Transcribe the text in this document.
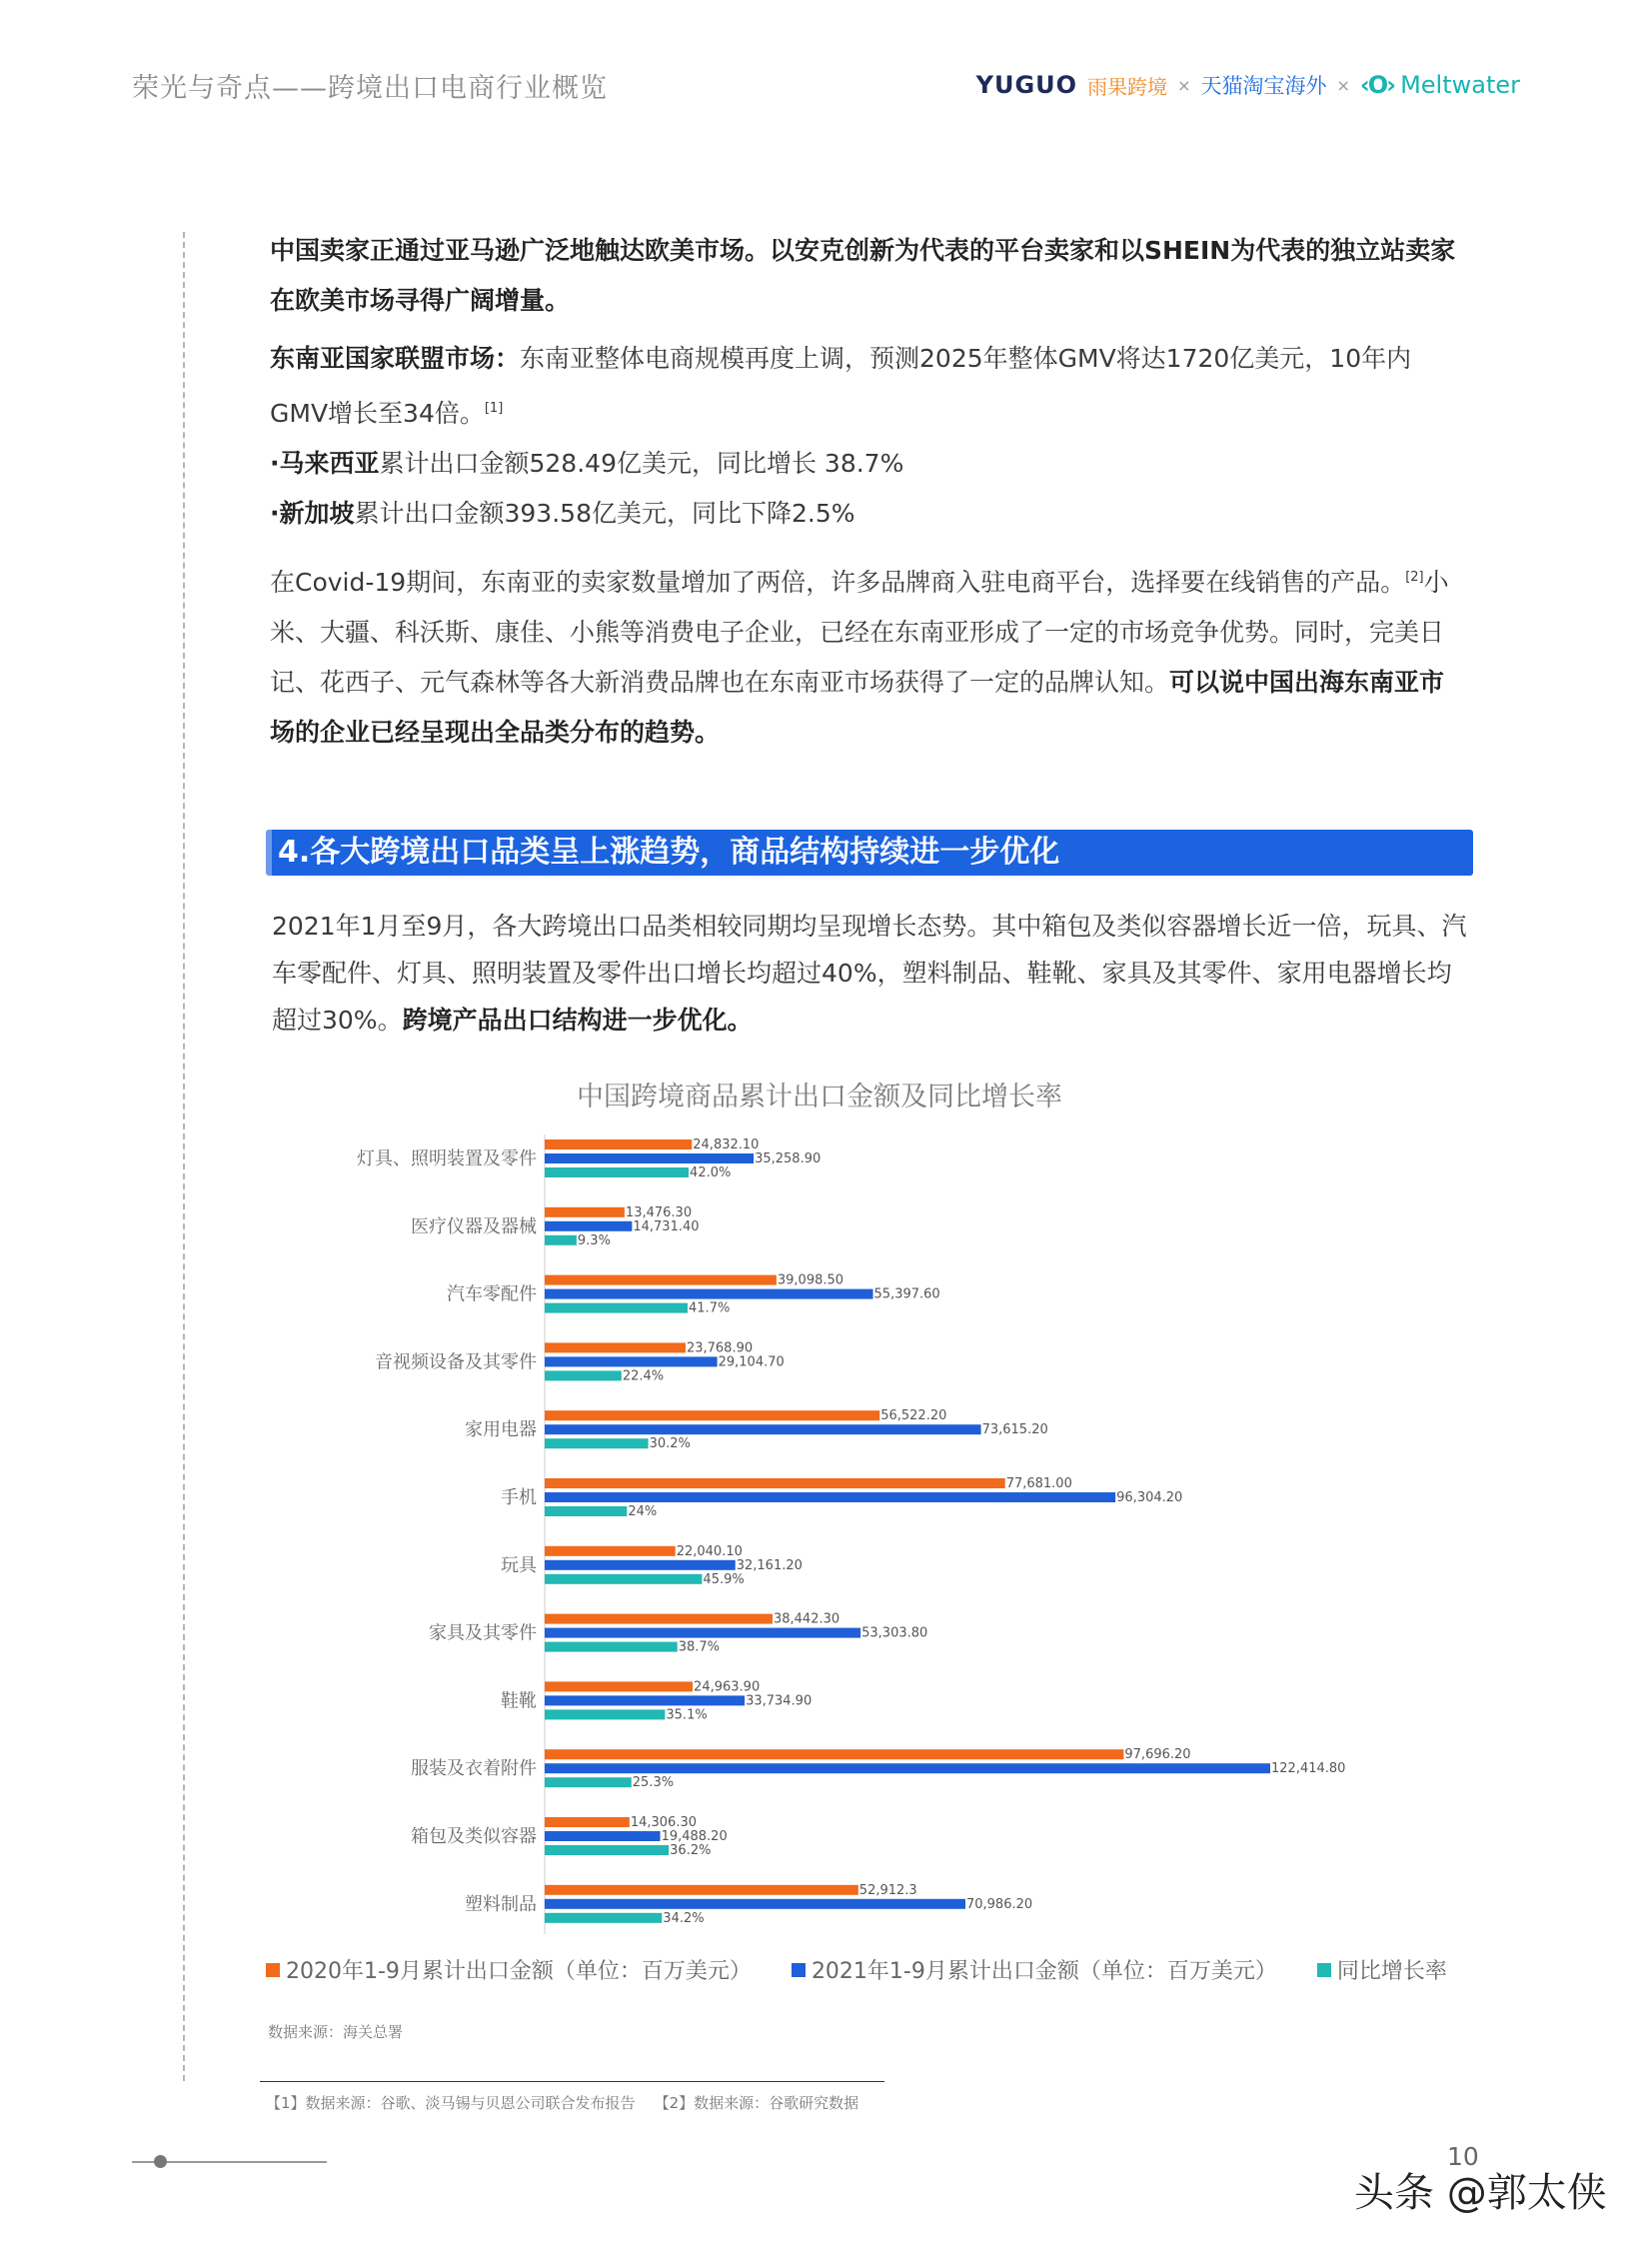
荣光与奇点——跨境出口电商行业概览	YUGUO 雨果跨境 × 天猫淘宝海外 × ‹O› Meltwater

中国卖家正通过亚马逊广泛地触达欧美市场。以安克创新为代表的平台卖家和以SHEIN为代表的独立站卖家在欧美市场寻得广阔增量。

东南亚国家联盟市场：东南亚整体电商规模再度上调，预测2025年整体GMV将达1720亿美元，10年内GMV增长至34倍。[1]

·马来西亚累计出口金额528.49亿美元，同比增长 38.7%

·新加坡累计出口金额393.58亿美元，同比下降2.5%

在Covid-19期间，东南亚的卖家数量增加了两倍，许多品牌商入驻电商平台，选择要在线销售的产品。[2]小米、大疆、科沃斯、康佳、小熊等消费电子企业，已经在东南亚形成了一定的市场竞争优势。同时，完美日记、花西子、元气森林等各大新消费品牌也在东南亚市场获得了一定的品牌认知。可以说中国出海东南亚市场的企业已经呈现出全品类分布的趋势。

4.各大跨境出口品类呈上涨趋势，商品结构持续进一步优化

2021年1月至9月，各大跨境出口品类相较同期均呈现增长态势。其中箱包及类似容器增长近一倍，玩具、汽车零配件、灯具、照明装置及零件出口增长均超过40%，塑料制品、鞋靴、家具及其零件、家用电器增长均超过30%。跨境产品出口结构进一步优化。

中国跨境商品累计出口金额及同比增长率
灯具、照明装置及零件
24,832.10
35,258.90
42.0%
医疗仪器及器械
13,476.30
14,731.40
9.3%
汽车零配件
39,098.50
55,397.60
41.7%
音视频设备及其零件
23,768.90
29,104.70
22.4%
家用电器
56,522.20
73,615.20
30.2%
手机
77,681.00
96,304.20
24%
玩具
22,040.10
32,161.20
45.9%
家具及其零件
38,442.30
53,303.80
38.7%
鞋靴
24,963.90
33,734.90
35.1%
服装及衣着附件
97,696.20
122,414.80
25.3%
箱包及类似容器
14,306.30
19,488.20
36.2%
塑料制品
52,912.3
70,986.20
34.2%
2020年1-9月累计出口金额（单位：百万美元）	2021年1-9月累计出口金额（单位：百万美元）	同比增长率
数据来源：海关总署
【1】数据来源：谷歌、淡马锡与贝恩公司联合发布报告    【2】数据来源：谷歌研究数据
10
头条 @郭太侠
